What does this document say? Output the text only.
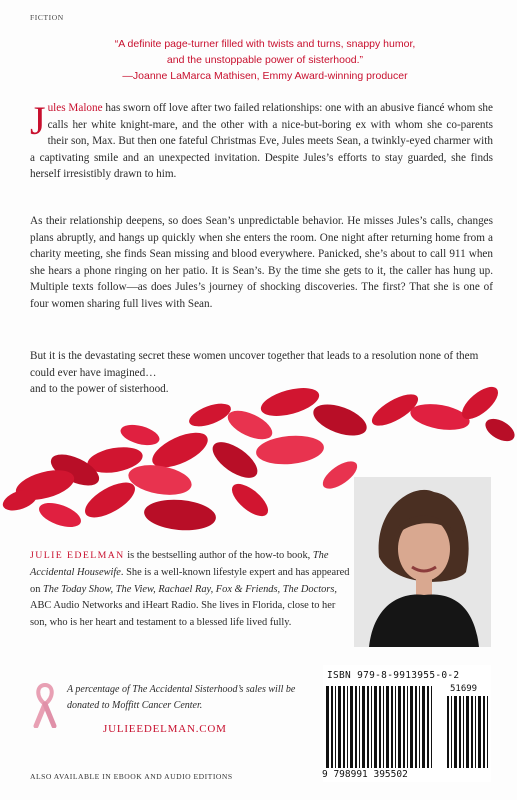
FICTION
“A definite page-turner filled with twists and turns, snappy humor,
and the unstoppable power of sisterhood.”
—Joanne LaMarca Mathisen, Emmy Award-winning producer
Jules Malone has sworn off love after two failed relationships: one with an abusive fiancé whom she calls her white knight-mare, and the other with a nice-but-boring ex with whom she co-parents their son, Max. But then one fateful Christmas Eve, Jules meets Sean, a twinkly-eyed charmer with a captivating smile and an unexpected invitation. Despite Jules’s efforts to stay guarded, she finds herself irresistibly drawn to him.
As their relationship deepens, so does Sean’s unpredictable behavior. He misses Jules’s calls, changes plans abruptly, and hangs up quickly when she enters the room. One night after returning home from a charity meeting, she finds Sean missing and blood everywhere. Panicked, she’s about to call 911 when she hears a phone ringing on her patio. It is Sean’s. By the time she gets to it, the caller has hung up. Multiple texts follow—as does Jules’s journey of shocking discoveries. The first? That she is one of four women sharing full lives with Sean.
But it is the devastating secret these women uncover together that leads to a resolution none of them could ever have imagined…
and to the power of sisterhood.
JULIE EDELMAN is the bestselling author of the how-to book, The Accidental Housewife. She is a well-known lifestyle expert and has appeared on The Today Show, The View, Rachael Ray, Fox & Friends, The Doctors, ABC Audio Networks and iHeart Radio. She lives in Florida, close to her son, who is her heart and testament to a blessed life lived fully.
A percentage of The Accidental Sisterhood’s sales will be donated to Moffitt Cancer Center.
JULIEEDELMAN.COM
ALSO AVAILABLE IN EBOOK AND AUDIO EDITIONS
ISBN 979-8-9913955-0-2
51699
9 798991 395502
